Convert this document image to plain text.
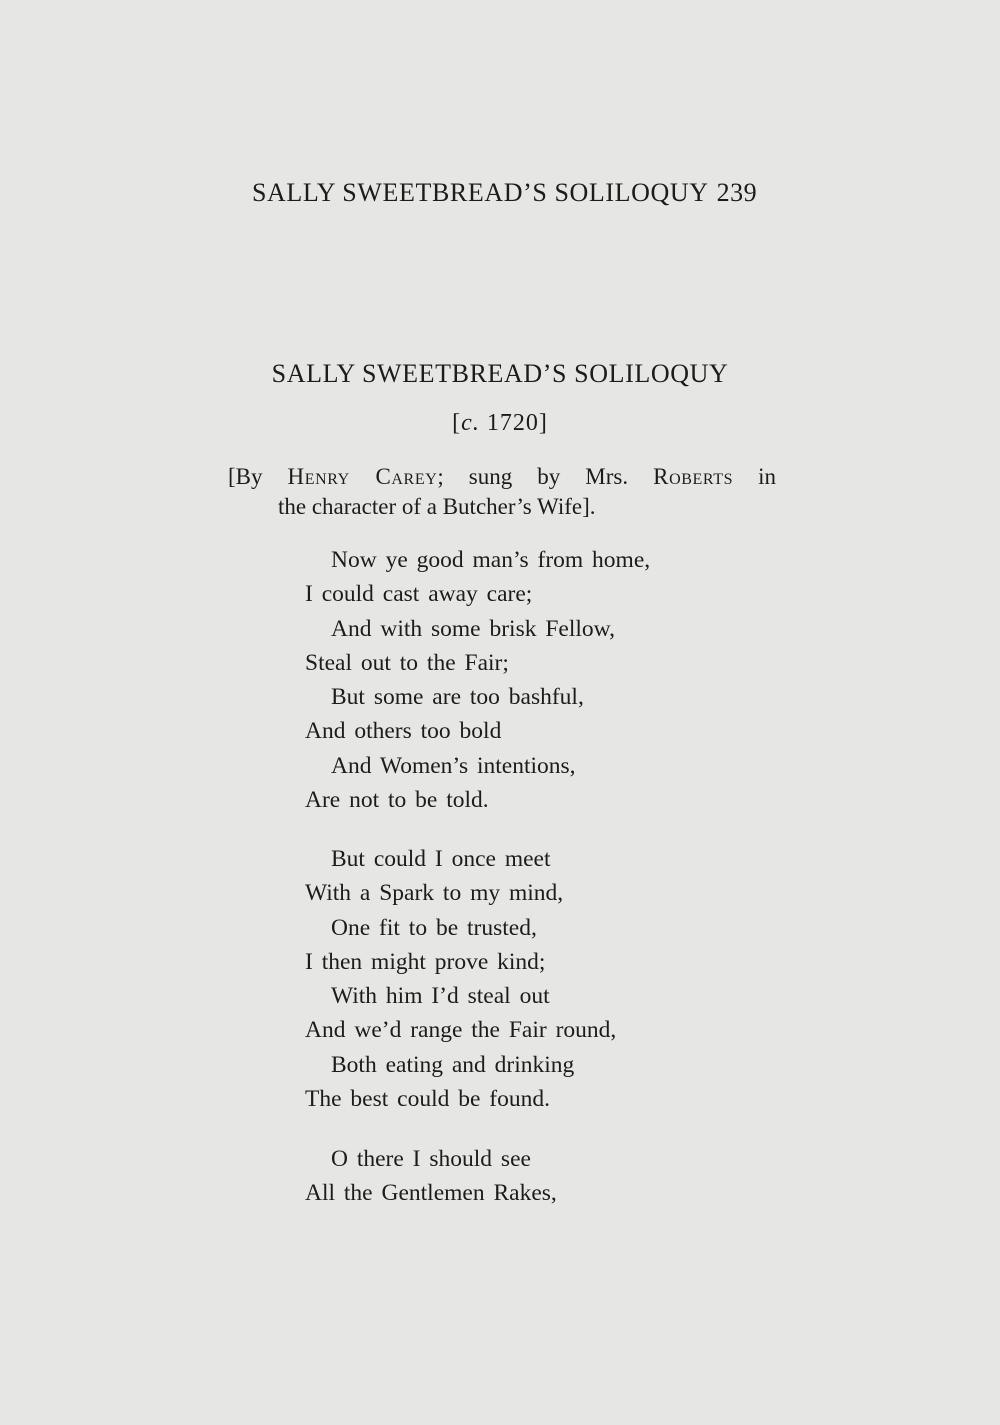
SALLY SWEETBREAD’S SOLILOQUY 239
SALLY SWEETBREAD’S SOLILOQUY
[c. 1720]
[By Henry Carey; sung by Mrs. Roberts in
the character of a Butcher’s Wife].
Now ye good man’s from home,
I could cast away care;
And with some brisk Fellow,
Steal out to the Fair;
But some are too bashful,
And others too bold
And Women’s intentions,
Are not to be told.
But could I once meet
With a Spark to my mind,
One fit to be trusted,
I then might prove kind;
With him I’d steal out
And we’d range the Fair round,
Both eating and drinking
The best could be found.
O there I should see
All the Gentlemen Rakes,
